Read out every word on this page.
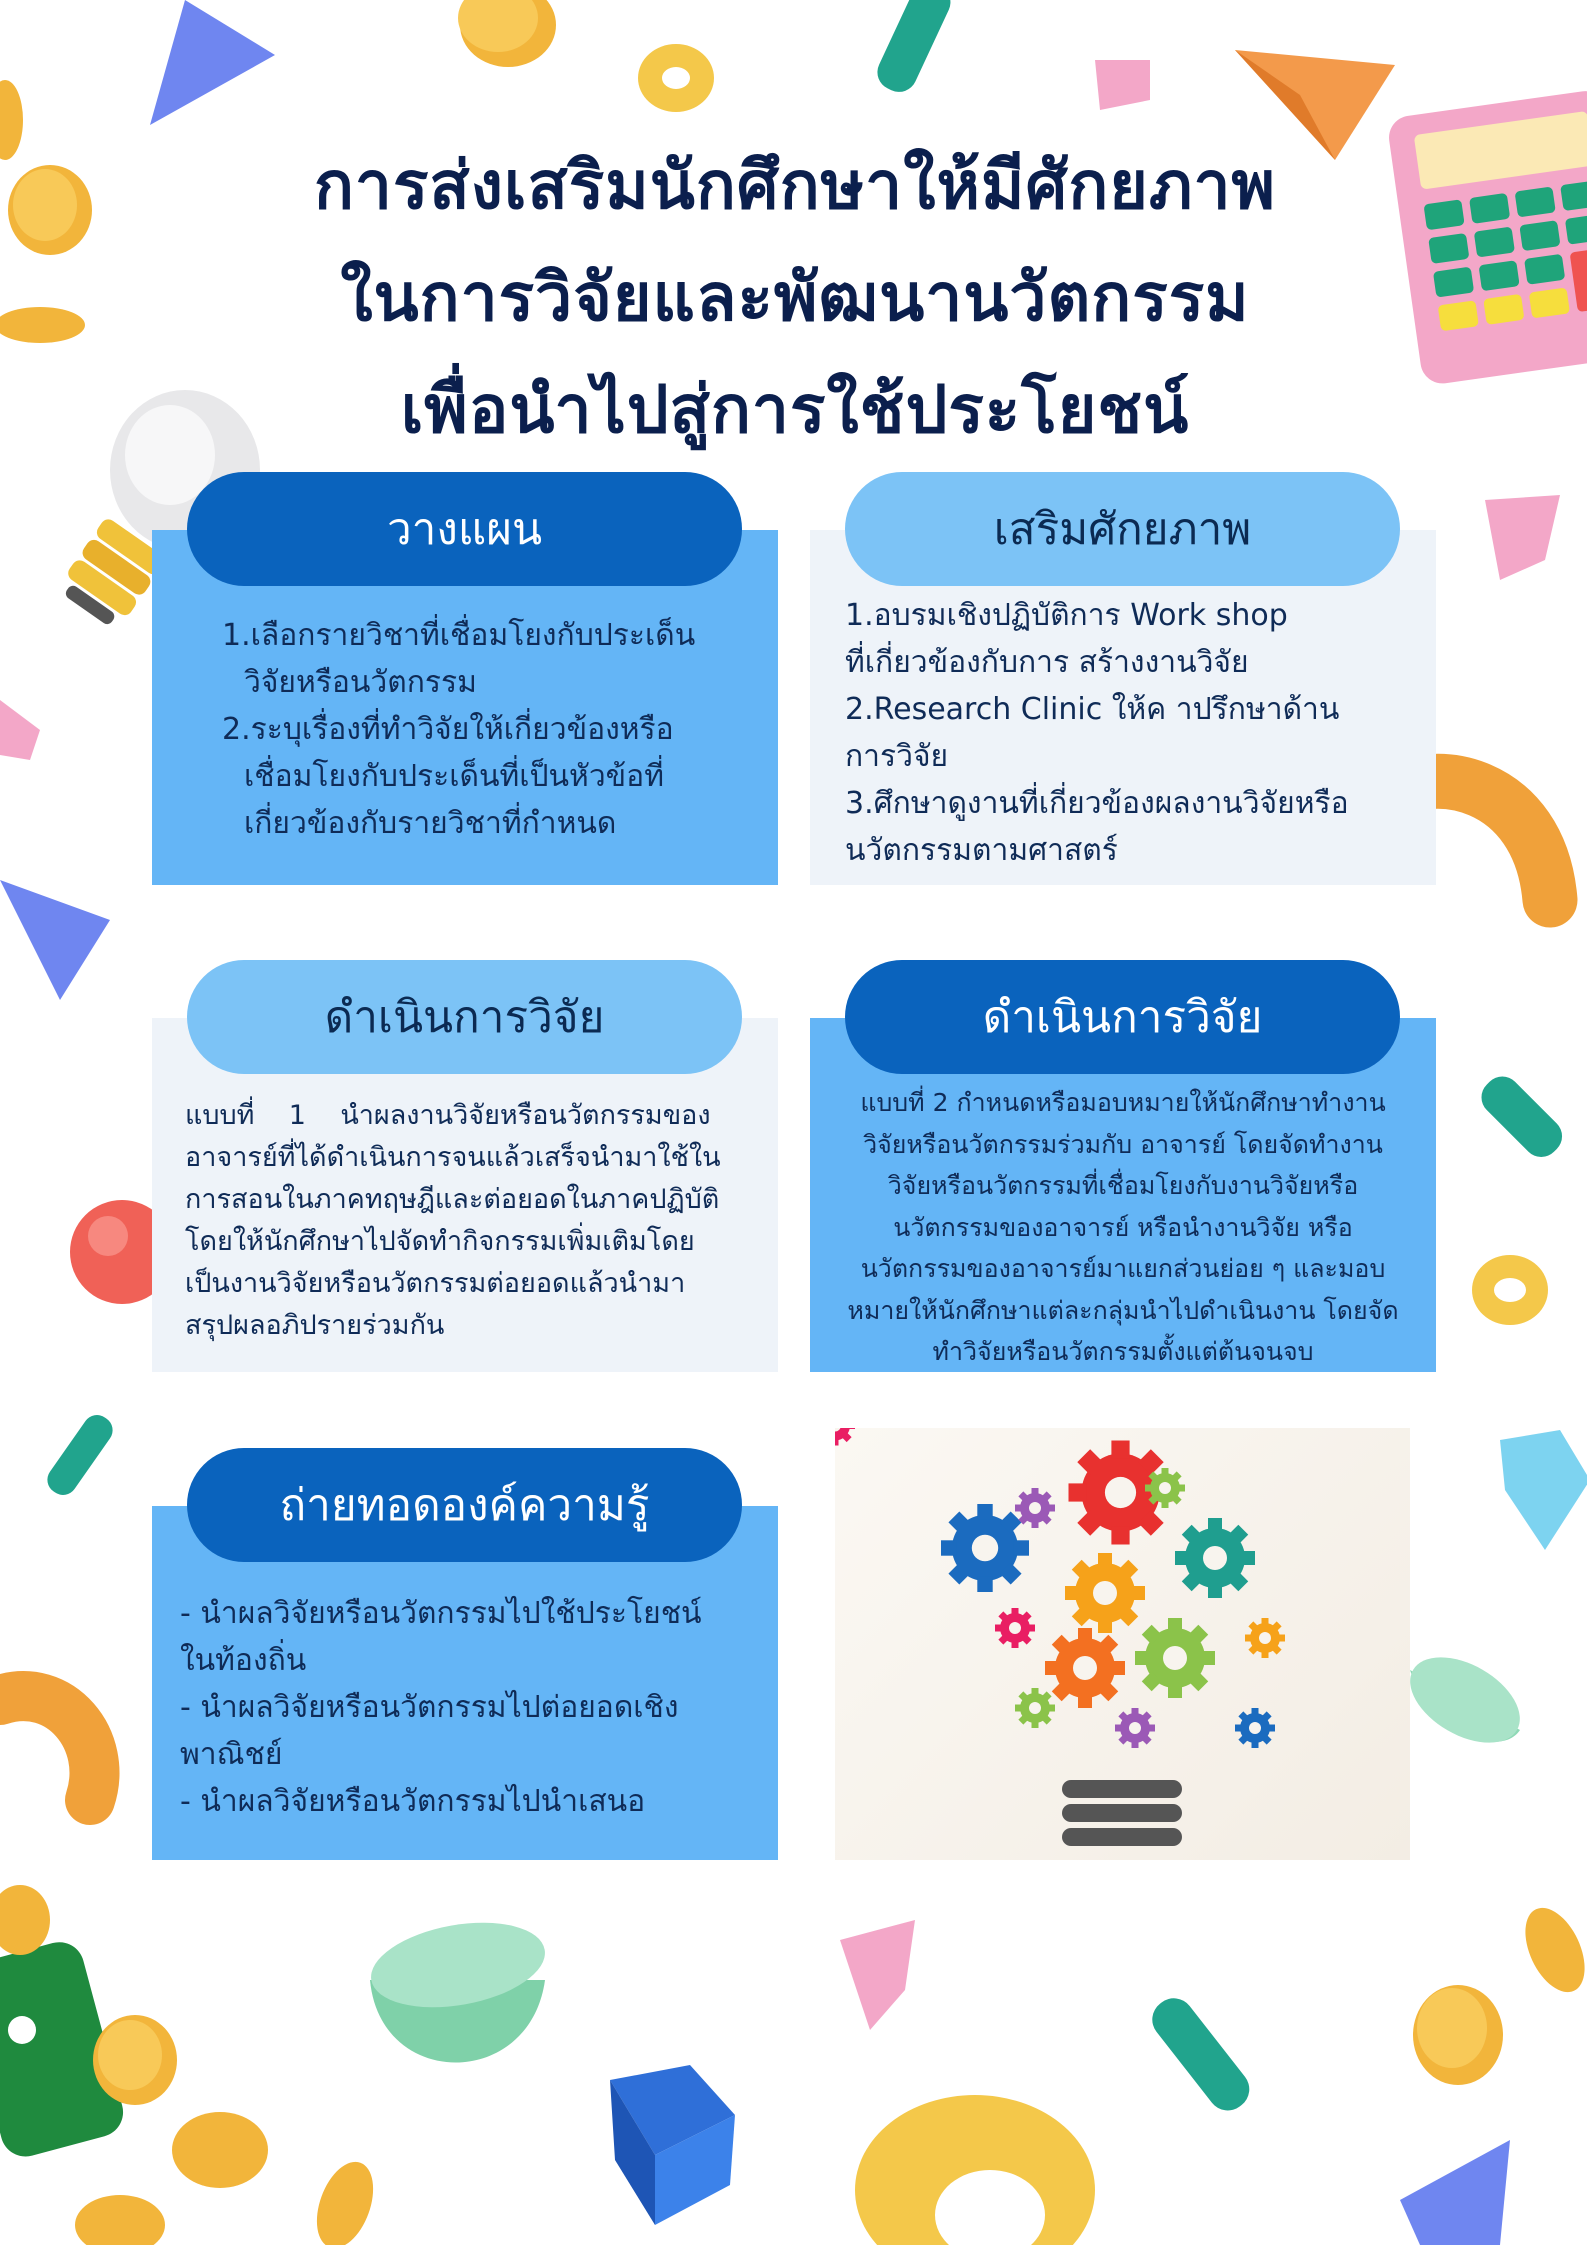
การส่งเสริมนักศึกษาให้มีศักยภาพ
ในการวิจัยและพัฒนานวัตกรรม
เพื่อนำไปสู่การใช้ประโยชน์
วางแผน
1.เลือกรายวิชาที่เชื่อมโยงกับประเด็น
วิจัยหรือนวัตกรรม
2.ระบุเรื่องที่ทำวิจัยให้เกี่ยวข้องหรือ
เชื่อมโยงกับประเด็นที่เป็นหัวข้อที่
เกี่ยวข้องกับรายวิชาที่กำหนด
เสริมศักยภาพ
1.อบรมเชิงปฏิบัติการ Work shop
ที่เกี่ยวข้องกับการ สร้างงานวิจัย
2.Research Clinic ให้ค าปรึกษาด้าน
การวิจัย
3.ศึกษาดูงานที่เกี่ยวข้องผลงานวิจัยหรือ
นวัตกรรมตามศาสตร์
ดำเนินการวิจัย
แบบที่    1    นำผลงานวิจัยหรือนวัตกรรมของ
อาจารย์ที่ได้ดำเนินการจนแล้วเสร็จนำมาใช้ใน
การสอนในภาคทฤษฎีและต่อยอดในภาคปฏิบัติ
โดยให้นักศึกษาไปจัดทำกิจกรรมเพิ่มเติมโดย
เป็นงานวิจัยหรือนวัตกรรมต่อยอดแล้วนำมา
สรุปผลอภิปรายร่วมกัน
ดำเนินการวิจัย
แบบที่ 2 กำหนดหรือมอบหมายให้นักศึกษาทำงาน
วิจัยหรือนวัตกรรมร่วมกับ อาจารย์ โดยจัดทำงาน
วิจัยหรือนวัตกรรมที่เชื่อมโยงกับงานวิจัยหรือ
นวัตกรรมของอาจารย์ หรือนำงานวิจัย หรือ
นวัตกรรมของอาจารย์มาแยกส่วนย่อย ๆ และมอบ
หมายให้นักศึกษาแต่ละกลุ่มนำไปดำเนินงาน โดยจัด
ทำวิจัยหรือนวัตกรรมตั้งแต่ต้นจนจบ
ถ่ายทอดองค์ความรู้
- นำผลวิจัยหรือนวัตกรรมไปใช้ประโยชน์
ในท้องถิ่น
- นำผลวิจัยหรือนวัตกรรมไปต่อยอดเชิง
พาณิชย์
- นำผลวิจัยหรือนวัตกรรมไปนำเสนอ
